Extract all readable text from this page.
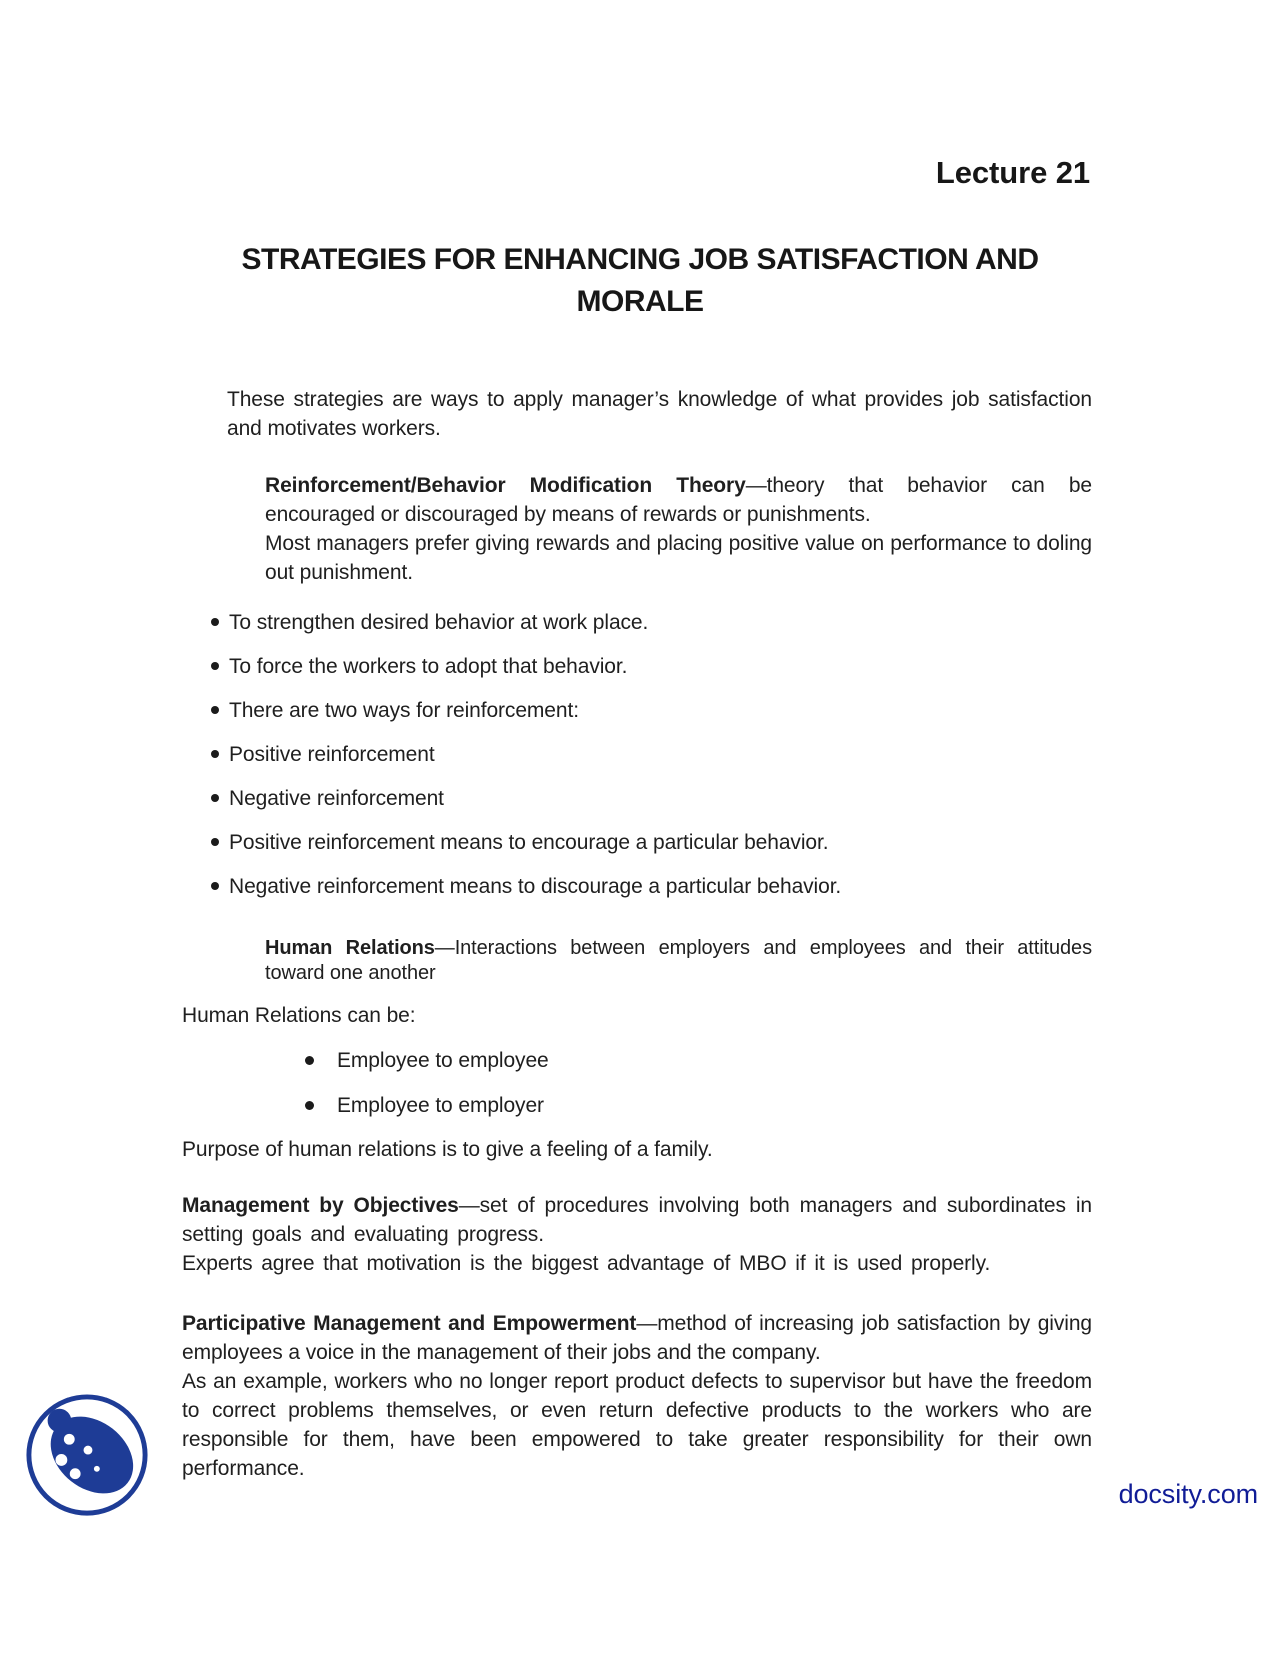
Lecture 21
STRATEGIES FOR ENHANCING JOB SATISFACTION AND
MORALE

These strategies are ways to apply manager’s knowledge of what provides job satisfaction and motivates workers.

Reinforcement/Behavior Modification Theory—theory that behavior can be encouraged or discouraged by means of rewards or punishments.
Most managers prefer giving rewards and placing positive value on performance to doling out punishment.
To strengthen desired behavior at work place.
To force the workers to adopt that behavior.
There are two ways for reinforcement:
Positive reinforcement
Negative reinforcement
Positive reinforcement means to encourage a particular behavior.
Negative reinforcement means to discourage a particular behavior.
Human Relations—Interactions between employers and employees and their attitudes toward one another

Human Relations can be:

Employee to employee
Employee to employer

Purpose of human relations is to give a feeling of a family.

Management by Objectives—set of procedures involving both managers and subordinates in setting goals and evaluating progress.
Experts agree that motivation is the biggest advantage of MBO if it is used properly.
Participative Management and Empowerment—method of increasing job satisfaction by giving employees a voice in the management of their jobs and the company.
As an example, workers who no longer report product defects to supervisor but have the freedom to correct problems themselves, or even return defective products to the workers who are responsible for them, have been empowered to take greater responsibility for their own performance.
docsity.com
